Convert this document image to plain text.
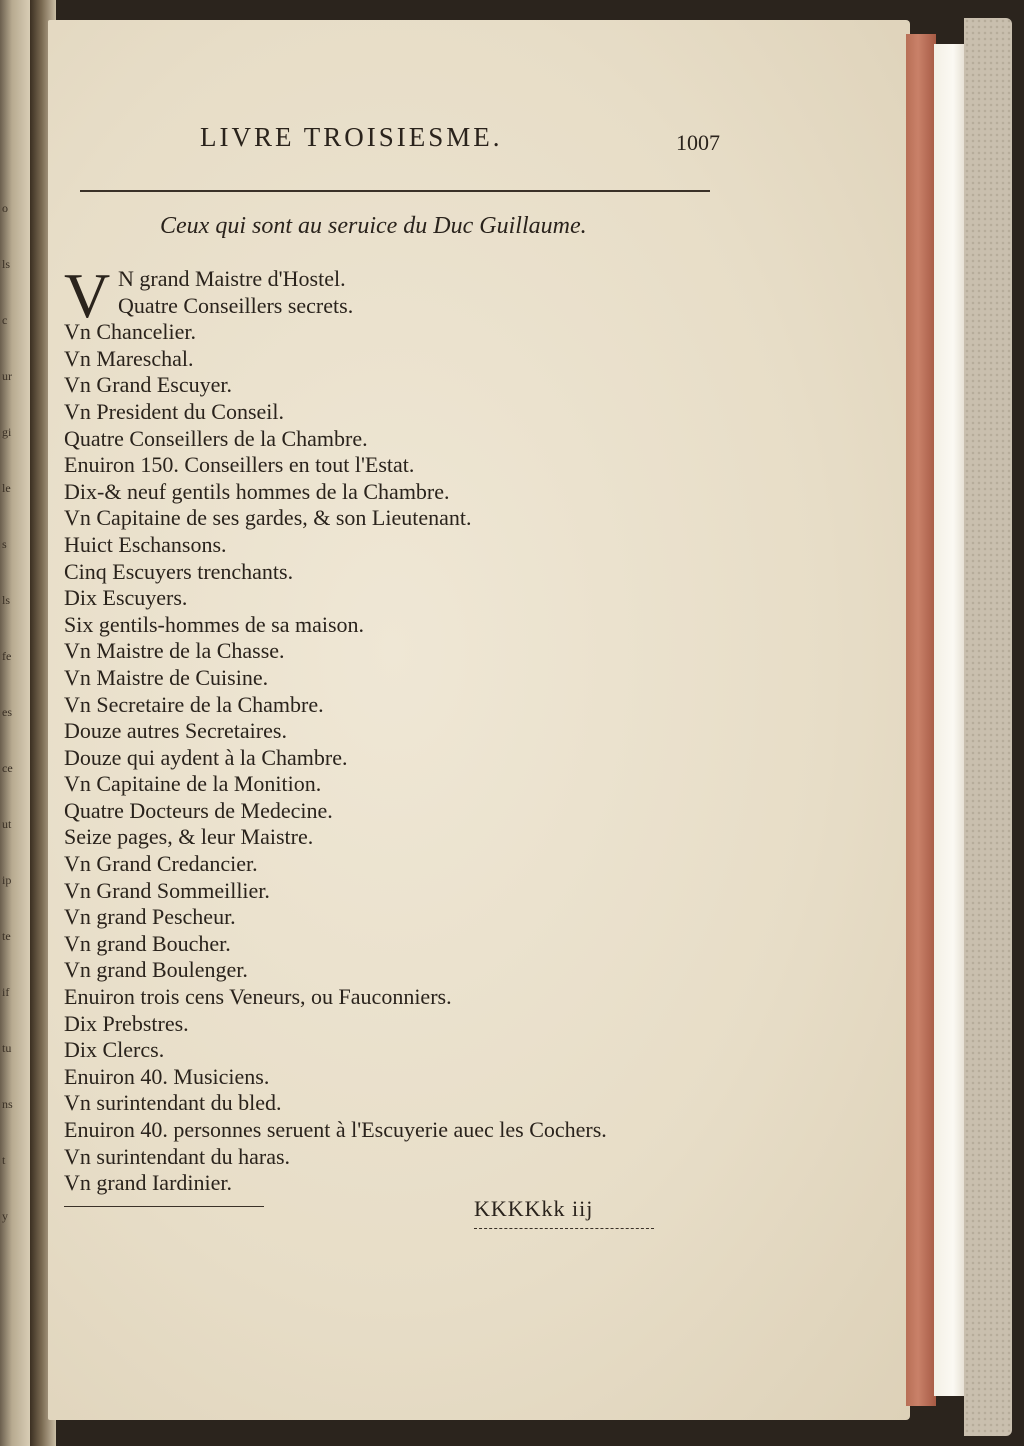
o
ls
c
ur
gi
le
s
ls
fe
es
ce
ut
ip
te
if
tu
ns
t
y
LIVRE TROISIESME.	1007
Ceux qui sont au seruice du Duc Guillaume.
V N grand Maistre d'Hostel.
Quatre Conseillers secrets.
Vn Chancelier.
Vn Mareschal.
Vn Grand Escuyer.
Vn President du Conseil.
Quatre Conseillers de la Chambre.
Enuiron 150. Conseillers en tout l'Estat.
Dix-& neuf gentils hommes de la Chambre.
Vn Capitaine de ses gardes, & son Lieutenant.
Huict Eschansons.
Cinq Escuyers trenchants.
Dix Escuyers.
Six gentils-hommes de sa maison.
Vn Maistre de la Chasse.
Vn Maistre de Cuisine.
Vn Secretaire de la Chambre.
Douze autres Secretaires.
Douze qui aydent à la Chambre.
Vn Capitaine de la Monition.
Quatre Docteurs de Medecine.
Seize pages, & leur Maistre.
Vn Grand Credancier.
Vn Grand Sommeillier.
Vn grand Pescheur.
Vn grand Boucher.
Vn grand Boulenger.
Enuiron trois cens Veneurs, ou Fauconniers.
Dix Prebstres.
Dix Clercs.
Enuiron 40. Musiciens.
Vn surintendant du bled.
Enuiron 40. personnes seruent à l'Escuyerie auec les Cochers.
Vn surintendant du haras.
Vn grand Iardinier.
KKKKkk iij
